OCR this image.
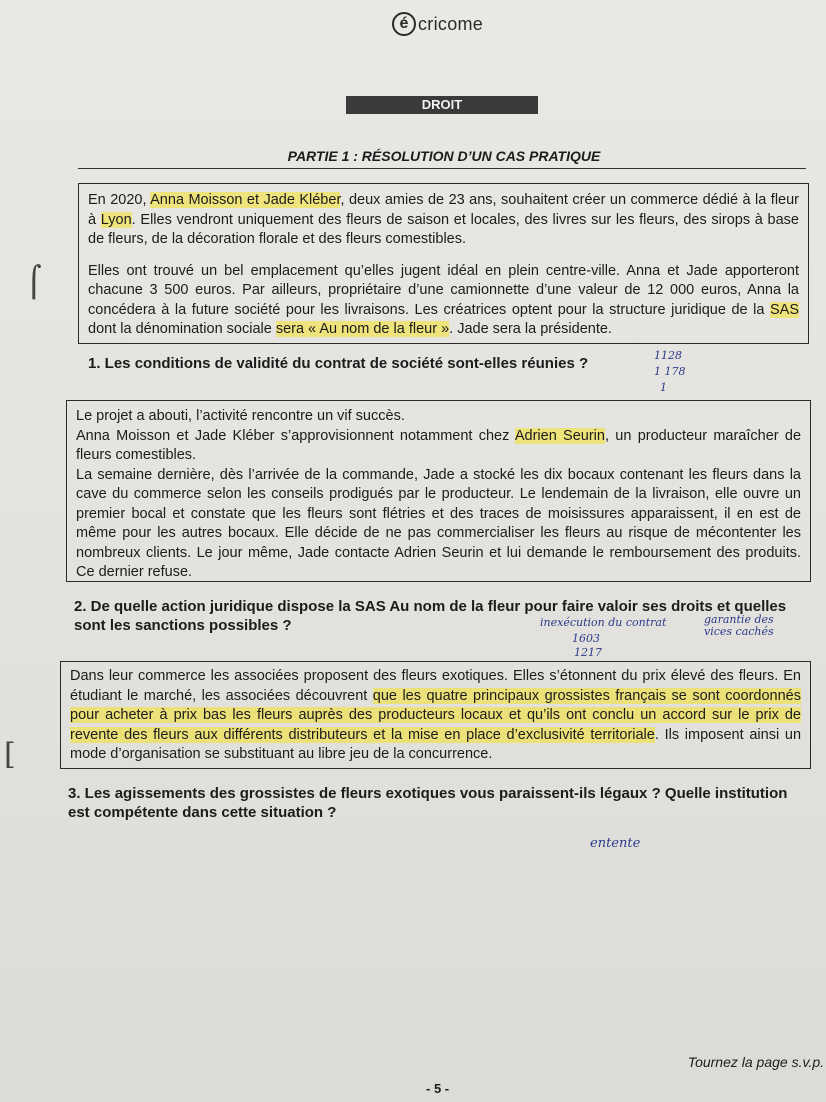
é cricome
DROIT
PARTIE 1 : RÉSOLUTION D’UN CAS PRATIQUE

En 2020, Anna Moisson et Jade Kléber, deux amies de 23 ans, souhaitent créer un commerce dédié à la fleur à Lyon. Elles vendront uniquement des fleurs de saison et locales, des livres sur les fleurs, des sirops à base de fleurs, de la décoration florale et des fleurs comestibles.

Elles ont trouvé un bel emplacement qu’elles jugent idéal en plein centre-ville. Anna et Jade apporteront chacune 3 500 euros. Par ailleurs, propriétaire d’une camionnette d’une valeur de 12 000 euros, Anna la concédera à la future société pour les livraisons. Les créatrices optent pour la structure juridique de la SAS dont la dénomination sociale sera « Au nom de la fleur ». Jade sera la présidente.

⌠
1. Les conditions de validité du contrat de société sont-elles réunies ?	1128
1 178
1

Le projet a abouti, l’activité rencontre un vif succès.

Anna Moisson et Jade Kléber s’approvisionnent notamment chez Adrien Seurin, un producteur maraîcher de fleurs comestibles.

La semaine dernière, dès l’arrivée de la commande, Jade a stocké les dix bocaux contenant les fleurs dans la cave du commerce selon les conseils prodigués par le producteur. Le lendemain de la livraison, elle ouvre un premier bocal et constate que les fleurs sont flétries et des traces de moisissures apparaissent, il en est de même pour les autres bocaux. Elle décide de ne pas commercialiser les fleurs au risque de mécontenter les nombreux clients. Le jour même, Jade contacte Adrien Seurin et lui demande le remboursement des produits. Ce dernier refuse.

2. De quelle action juridique dispose la SAS Au nom de la fleur pour faire valoir ses droits et quelles sont les sanctions possibles ?	inexécution du contrat	garantie des vices cachés
1603
1217

Dans leur commerce les associées proposent des fleurs exotiques. Elles s’étonnent du prix élevé des fleurs. En étudiant le marché, les associées découvrent que les quatre principaux grossistes français se sont coordonnés pour acheter à prix bas les fleurs auprès des producteurs locaux et qu’ils ont conclu un accord sur le prix de revente des fleurs aux différents distributeurs et la mise en place d’exclusivité territoriale. Ils imposent ainsi un mode d’organisation se substituant au libre jeu de la concurrence.

[
3. Les agissements des grossistes de fleurs exotiques vous paraissent-ils légaux ? Quelle institution est compétente dans cette situation ?
entente
Tournez la page s.v.p.
- 5 -
